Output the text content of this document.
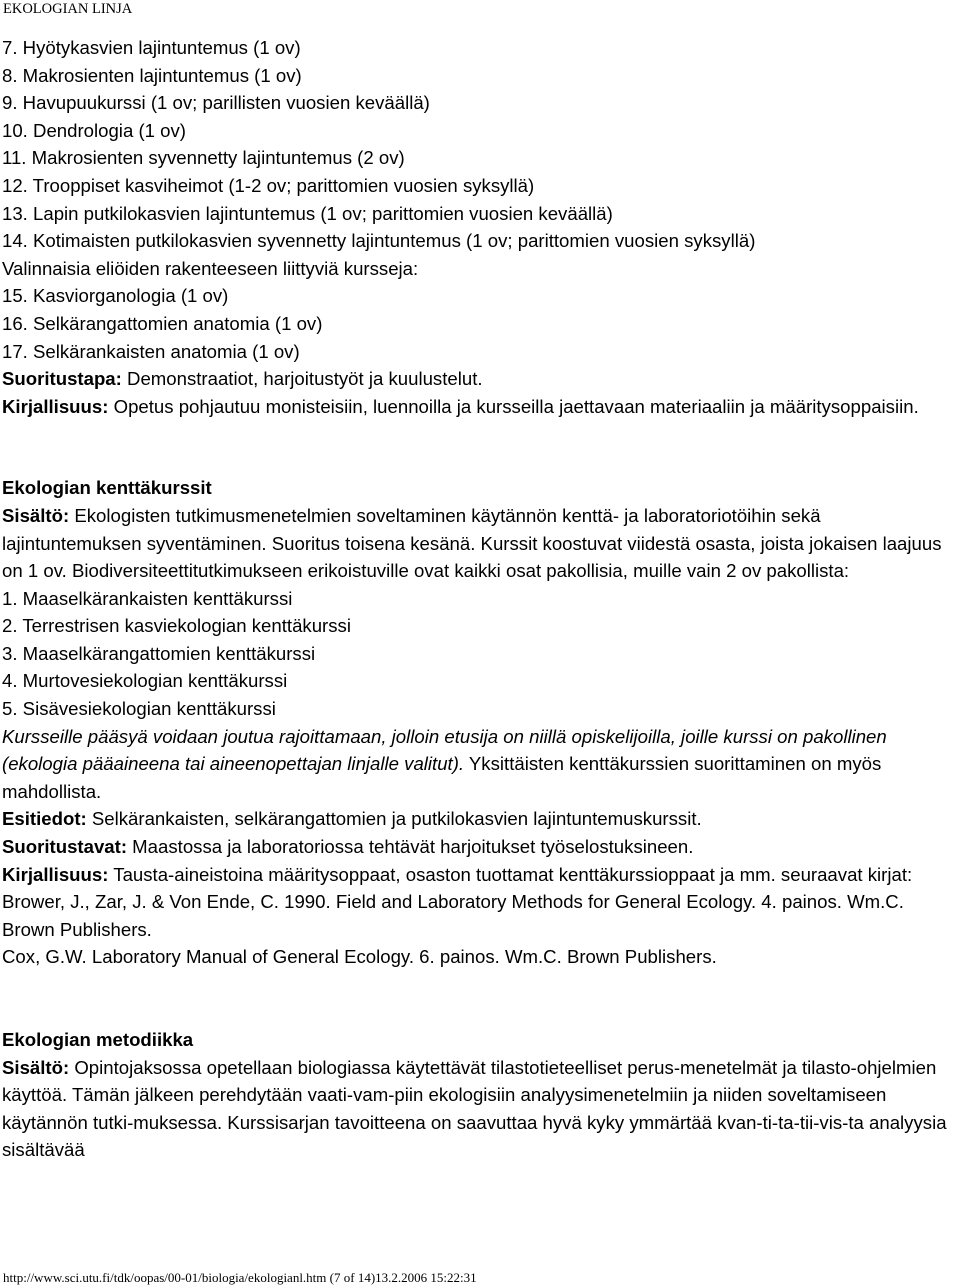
EKOLOGIAN LINJA

7. Hyötykasvien lajintuntemus (1 ov)

8. Makrosienten lajintuntemus (1 ov)

9. Havupuukurssi (1 ov; parillisten vuosien keväällä)

10. Dendrologia (1 ov)

11. Makrosienten syvennetty lajintuntemus (2 ov)

12. Trooppiset kasviheimot (1-2 ov; parittomien vuosien syksyllä)

13. Lapin putkilokasvien lajintuntemus (1 ov; parittomien vuosien keväällä)

14. Kotimaisten putkilokasvien syvennetty lajintuntemus (1 ov; parittomien vuosien syksyllä)

Valinnaisia eliöiden rakenteeseen liittyviä kursseja:

15. Kasviorganologia (1 ov)

16. Selkärangattomien anatomia (1 ov)

17. Selkärankaisten anatomia (1 ov)

Suoritustapa: Demonstraatiot, harjoitustyöt ja kuulustelut.

Kirjallisuus: Opetus pohjautuu monisteisiin, luennoilla ja kursseilla jaettavaan materiaaliin ja määritysoppaisiin.

Ekologian kenttäkurssit

Sisältö: Ekologisten tutkimusmenetelmien soveltaminen käytännön kenttä- ja laboratoriotöihin sekä lajintuntemuksen syventäminen. Suoritus toisena kesänä. Kurssit koostuvat viidestä osasta, joista jokaisen laajuus on 1 ov. Biodiversiteettitutkimukseen erikoistuville ovat kaikki osat pakollisia, muille vain 2 ov pakollista:

1. Maaselkärankaisten kenttäkurssi

2. Terrestrisen kasviekologian kenttäkurssi

3. Maaselkärangattomien kenttäkurssi

4. Murtovesiekologian kenttäkurssi

5. Sisävesiekologian kenttäkurssi

Kursseille pääsyä voidaan joutua rajoittamaan, jolloin etusija on niillä opiskelijoilla, joille kurssi on pakollinen (ekologia pääaineena tai aineenopettajan linjalle valitut). Yksittäisten kenttäkurssien suorittaminen on myös mahdollista.

Esitiedot: Selkärankaisten, selkärangattomien ja putkilokasvien lajintuntemuskurssit.

Suoritustavat: Maastossa ja laboratoriossa tehtävät harjoitukset työselostuksineen.

Kirjallisuus: Tausta-aineistoina määritysoppaat, osaston tuottamat kenttäkurssioppaat ja mm. seuraavat kirjat: Brower, J., Zar, J. & Von Ende, C. 1990. Field and Laboratory Methods for General Ecology. 4. painos. Wm.C. Brown Publishers.

Cox, G.W. Laboratory Manual of General Ecology. 6. painos. Wm.C. Brown Publishers.

Ekologian metodiikka

Sisältö: Opintojaksossa opetellaan biologiassa käytettävät tilastotieteelliset perus-menetelmät ja tilasto-ohjelmien käyttöä. Tämän jälkeen perehdytään vaati-vam-piin ekologisiin analyysimenetelmiin ja niiden soveltamiseen käytännön tutki-muksessa. Kurssisarjan tavoitteena on saavuttaa hyvä kyky ymmärtää kvan-ti-ta-tii-vis-ta analyysia sisältävää

http://www.sci.utu.fi/tdk/oopas/00-01/biologia/ekologianl.htm (7 of 14)13.2.2006 15:22:31
